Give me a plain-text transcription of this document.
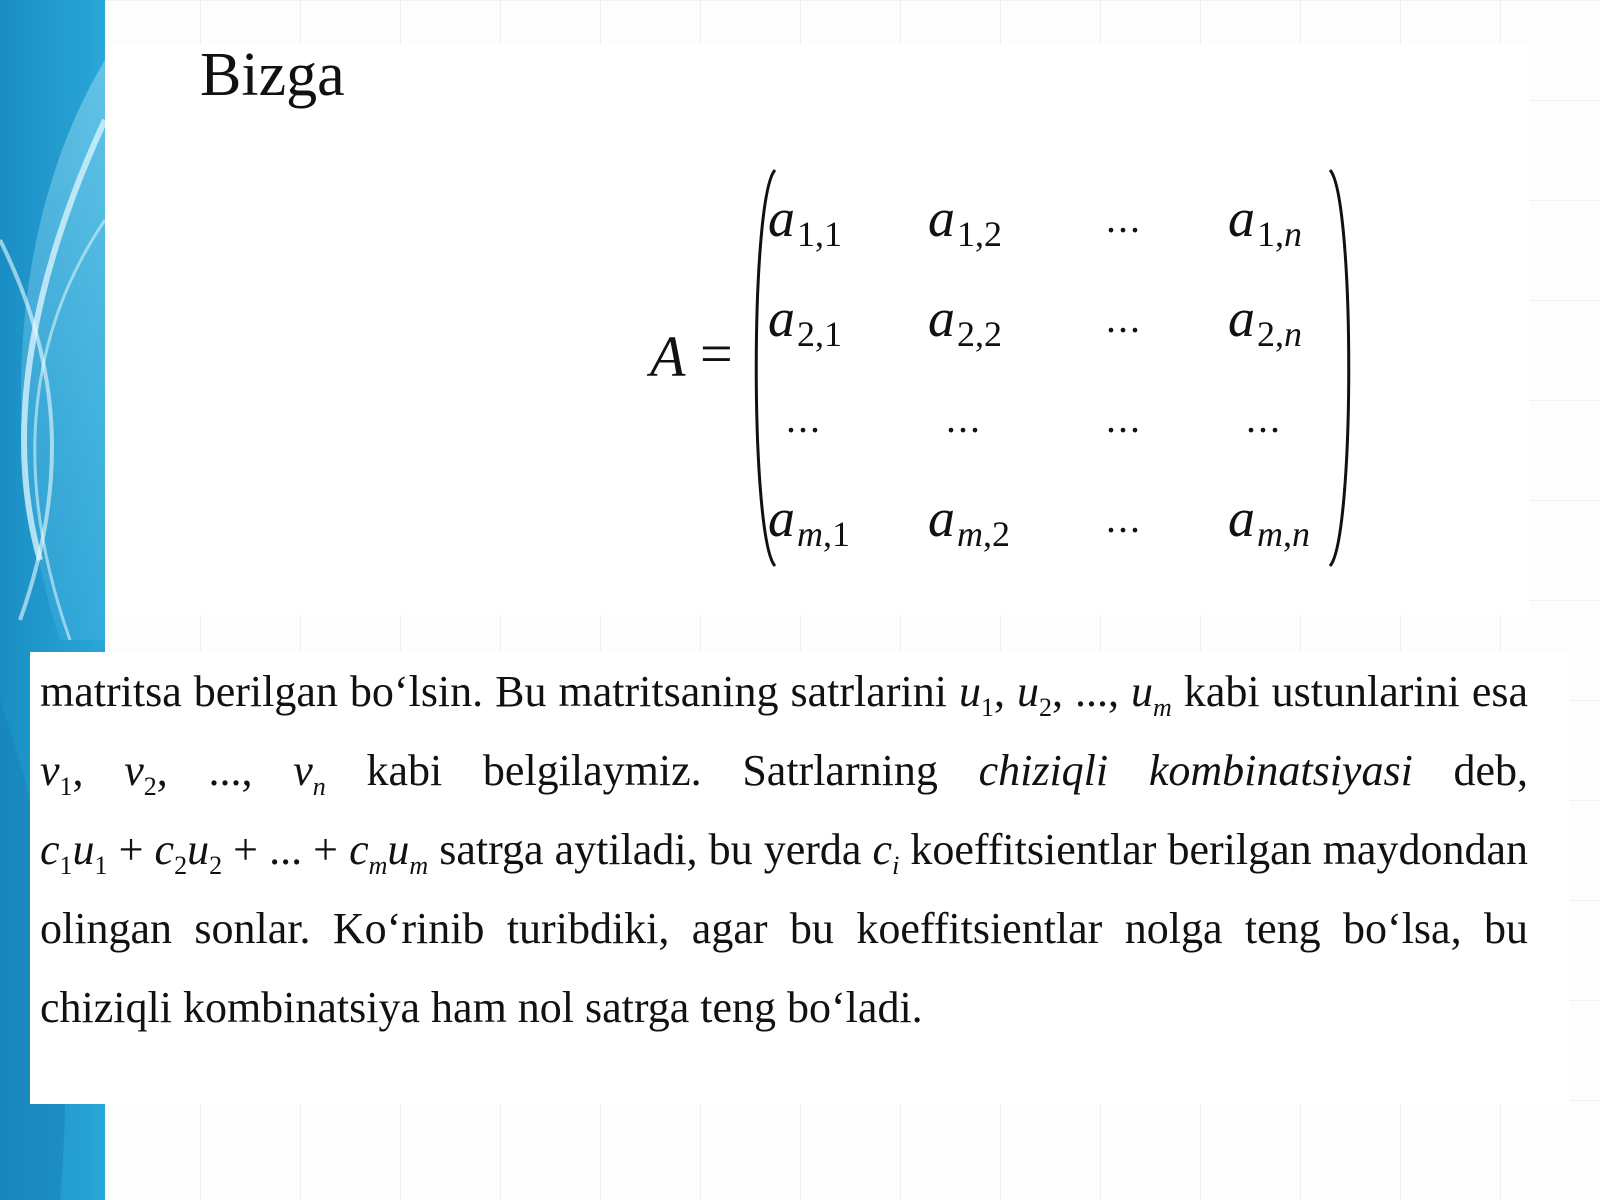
Bizga
A =
a 1,1 a 1,2	...	a 1,n
a 2,1 a 2,2	...	a 2,n
...	...	...	...
a m,1 a m,2	...	a m,n

matritsa berilgan bo‘lsin. Bu matritsaning satrlarini $u_1$, $u_2$, ..., $u_m$ kabi ustunlarini esa $v_1$, $v_2$, ..., $v_n$ kabi belgilaymiz. Satrlarning chiziqli kombinatsiyasi deb, $c_1u_1 + c_2u_2$ + ... + $c_mu_m$ satrga aytiladi, bu yerda $c_i$ koeffitsientlar berilgan maydondan olingan sonlar. Ko‘rinib turibdiki, agar bu koeffitsientlar nolga teng bo‘lsa, bu chiziqli kombinatsiya ham nol satrga teng bo‘ladi.
